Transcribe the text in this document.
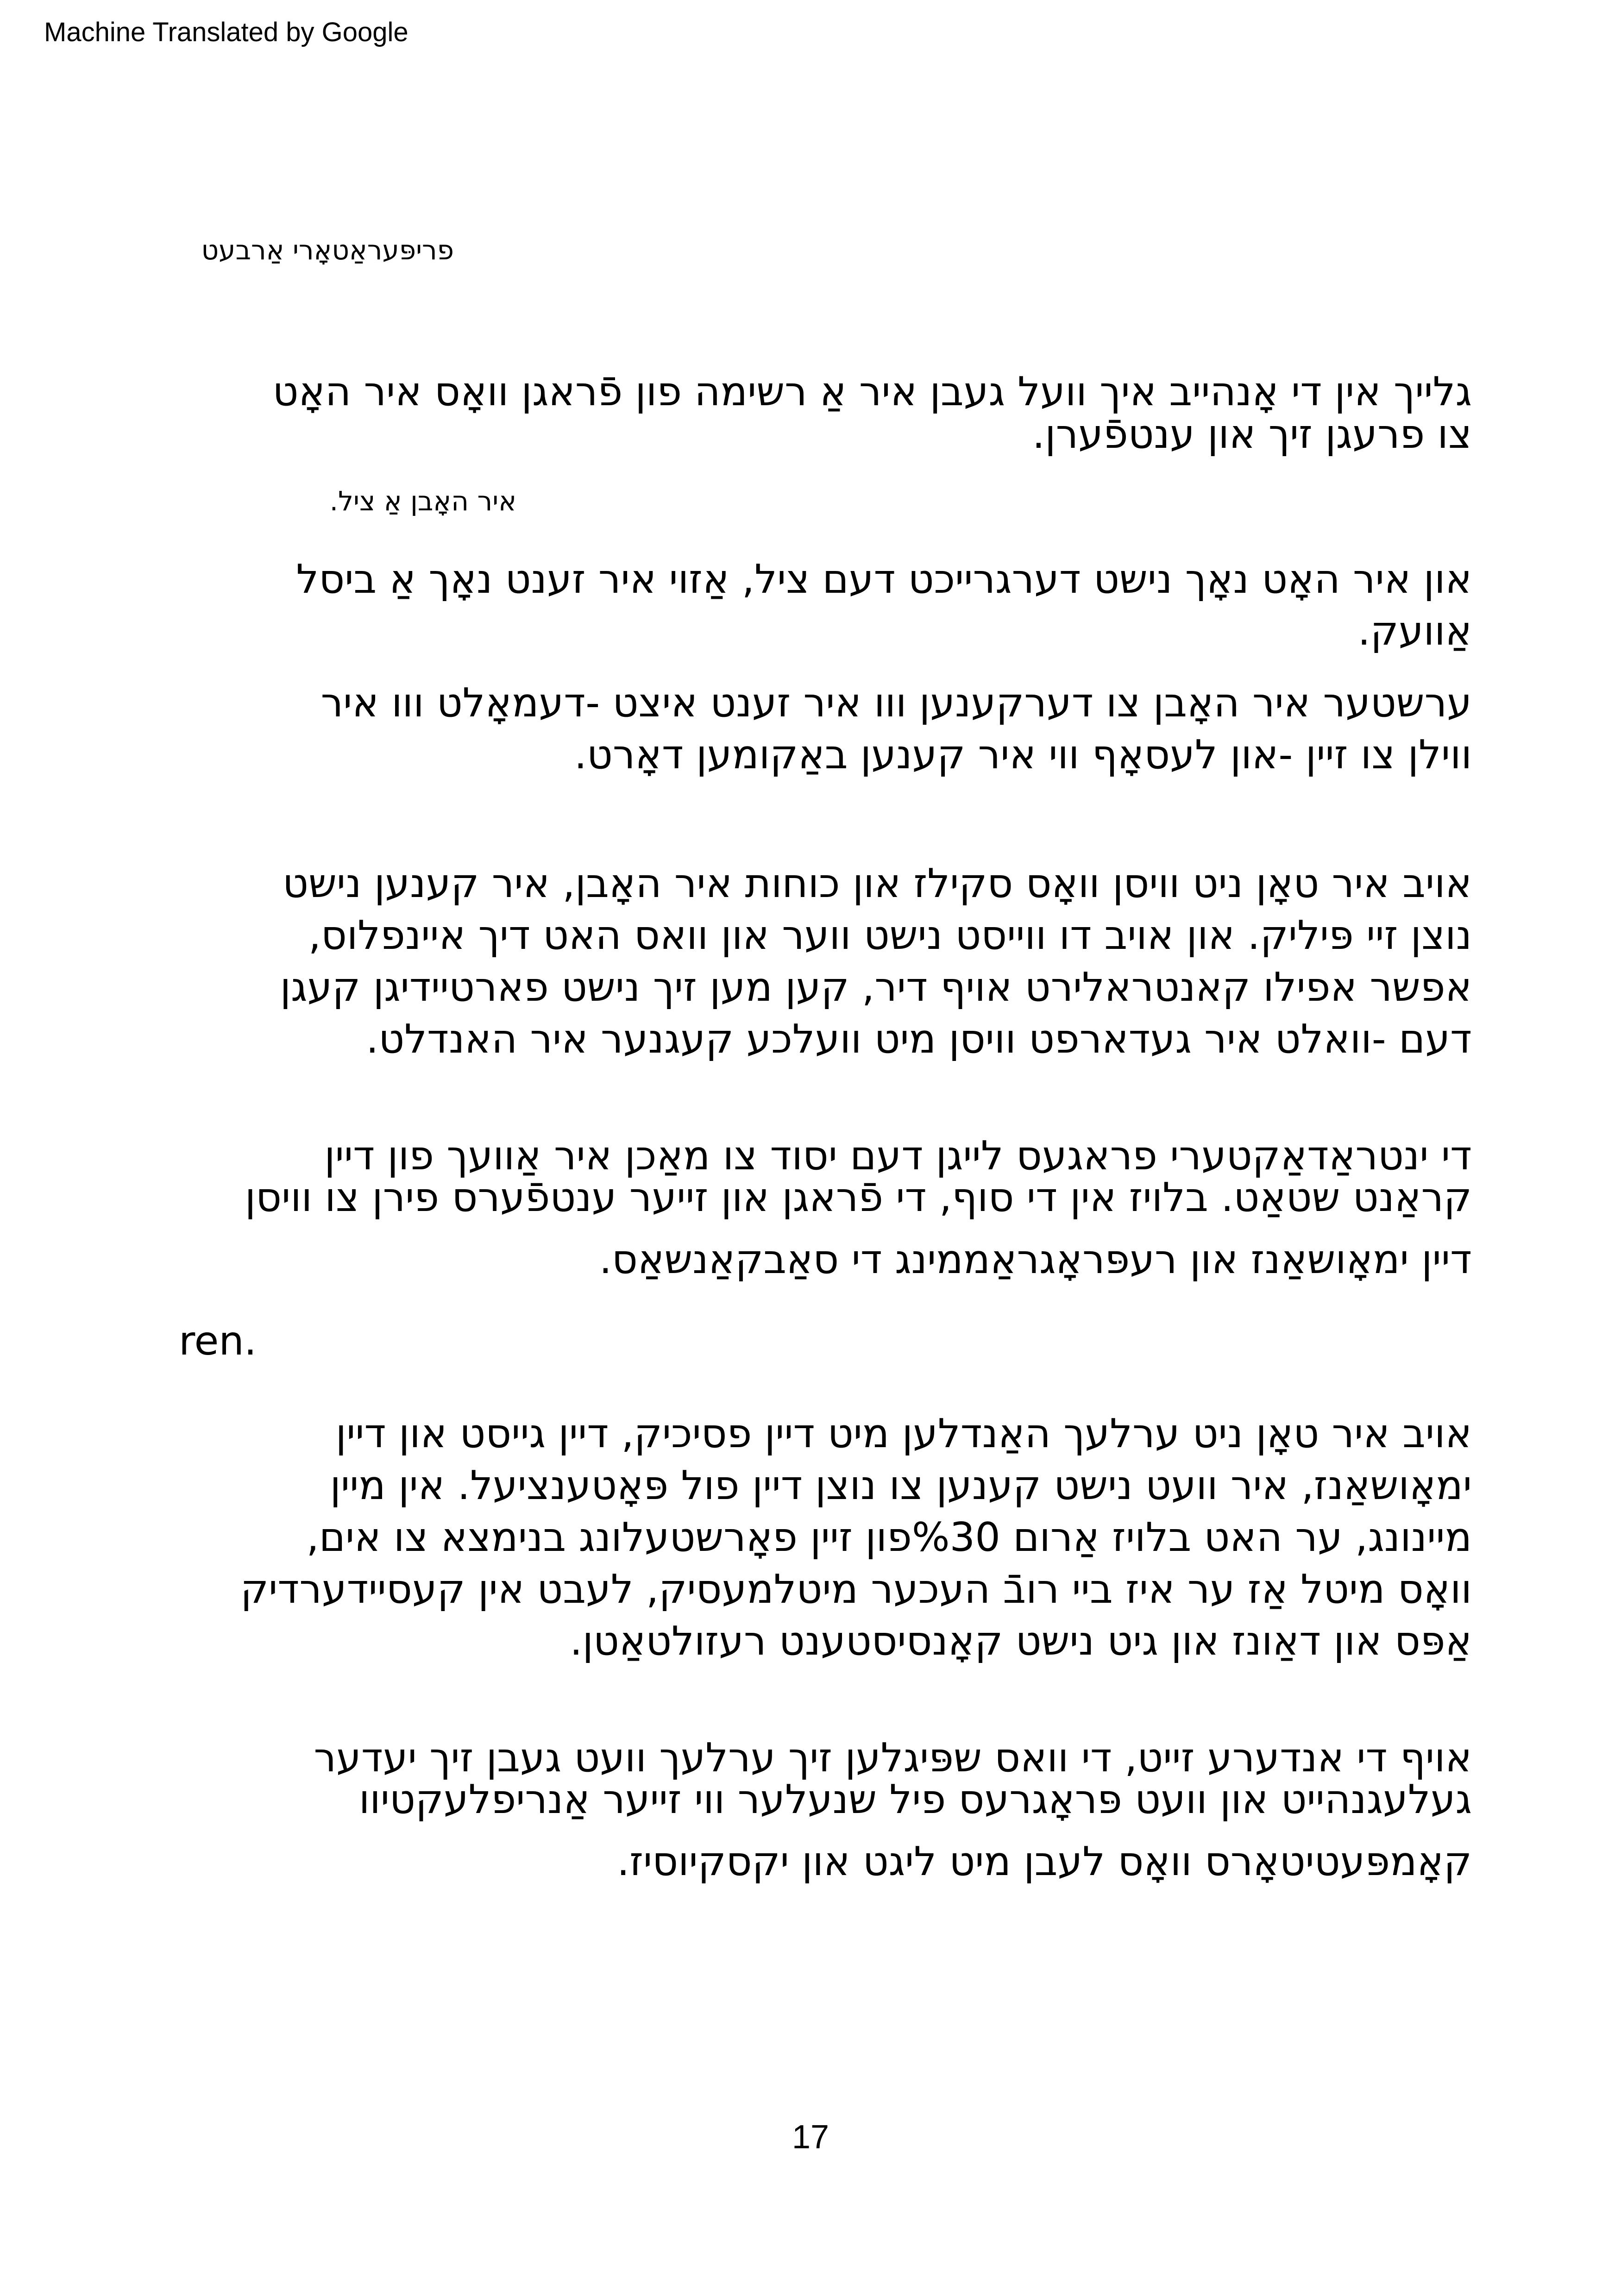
Machine Translated by Google
פריפּעראַטאָרי אַרבעט
גלייך אין די אָנהייב איך וועל געבן איר אַ רשימה פון פֿראגן וואָס איר האָט
צו פרעגן זיך און ענטפֿערן.
איר האָבן אַ ציל.
און איר האָט נאָך נישט דערגרייכט דעם ציל, אַזוי איר זענט נאָך אַ ביסל
אַוועק.
ערשטער איר האָבן צו דערקענען ווו איר זענט איצט -דעמאָלט ווו איר
ווילן צו זיין -און לעסאָף ווי איר קענען באַקומען דאָרט.
אויב איר טאָן ניט וויסן וואָס סקילז און כוחות איר האָבן, איר קענען נישט
נוצן זיי פּיליק. און אויב דו ווייסט נישט ווער און וואס האט דיך איינפלוס,
אפשר אפילו קאנטראלירט אויף דיר, קען מען זיך נישט פארטיידיגן קעגן
דעם -וואלט איר געדארפט וויסן מיט וועלכע קעגנער איר האנדלט.
די ינטראַדאַקטערי פראגעס לייגן דעם יסוד צו מאַכן איר אַוועך פון דיין
קראַנט שטאַט. בלויז אין די סוף, די פֿראגן און זייער ענטפֿערס פירן צו וויסן
דיין ימאָושאַנז און רעפּראָגראַממינג די סאַבקאַנשאַס.
ren.
אויב איר טאָן ניט ערלעך האַנדלען מיט דיין פסיכיק, דיין גייסט און דיין
ימאָושאַנז, איר וועט נישט קענען צו נוצן דיין פול פּאָטענציעל. אין מיין
מיינונג, ער האט בלויז אַרום %30פון זיין פאָרשטעלונג בנימצא צו אים,
וואָס מיטל אַז ער איז ביי רובֿ העכער מיטלמעסיק, לעבט אין קעסיידערדיק
אַפּס און דאַונז און גיט נישט קאָנסיסטענט רעזולטאַטן.
אויף די אנדערע זייט, די וואס שפּיגלען זיך ערלעך וועט געבן זיך יעדער
געלעגנהייט און וועט פּראָגרעס פיל שנעלער ווי זייער אַנריפלעקטיוו
קאָמפּעטיטאָרס וואָס לעבן מיט ליגט און יקסקיוסיז.
17
